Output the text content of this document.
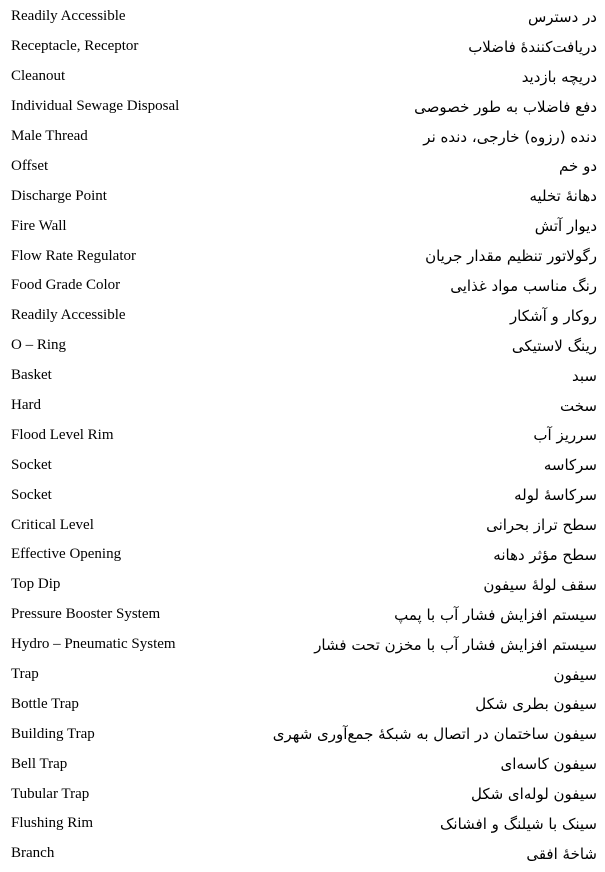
Readily Accessible	در دسترس
Receptacle, Receptor	دریافت‌کنندهٔ فاضلاب
Cleanout	دریچه بازدید
Individual Sewage Disposal	دفع فاضلاب به طور خصوصی
Male Thread	دنده (رزوه) خارجی، دنده نر
Offset	دو خم
Discharge Point	دهانهٔ تخلیه
Fire Wall	دیوار آتش
Flow Rate Regulator	رگولاتور تنظیم مقدار جریان
Food Grade Color	رنگ مناسب مواد غذایی
Readily Accessible	روکار و آشکار
O – Ring	رینگ لاستیکی
Basket	سبد
Hard	سخت
Flood Level Rim	سرریز آب
Socket	سرکاسه
Socket	سرکاسهٔ لوله
Critical Level	سطح تراز بحرانی
Effective Opening	سطح مؤثر دهانه
Top Dip	سقف لولهٔ سیفون
Pressure Booster System	سیستم افزایش فشار آب با پمپ
Hydro – Pneumatic System	سیستم افزایش فشار آب با مخزن تحت فشار
Trap	سیفون
Bottle Trap	سیفون بطری شکل
Building Trap	سیفون ساختمان در اتصال به شبکهٔ جمع‌آوری شهری
Bell Trap	سیفون کاسه‌ای
Tubular Trap	سیفون لوله‌ای شکل
Flushing Rim	سینک با شیلنگ و افشانک
Branch	شاخهٔ افقی
